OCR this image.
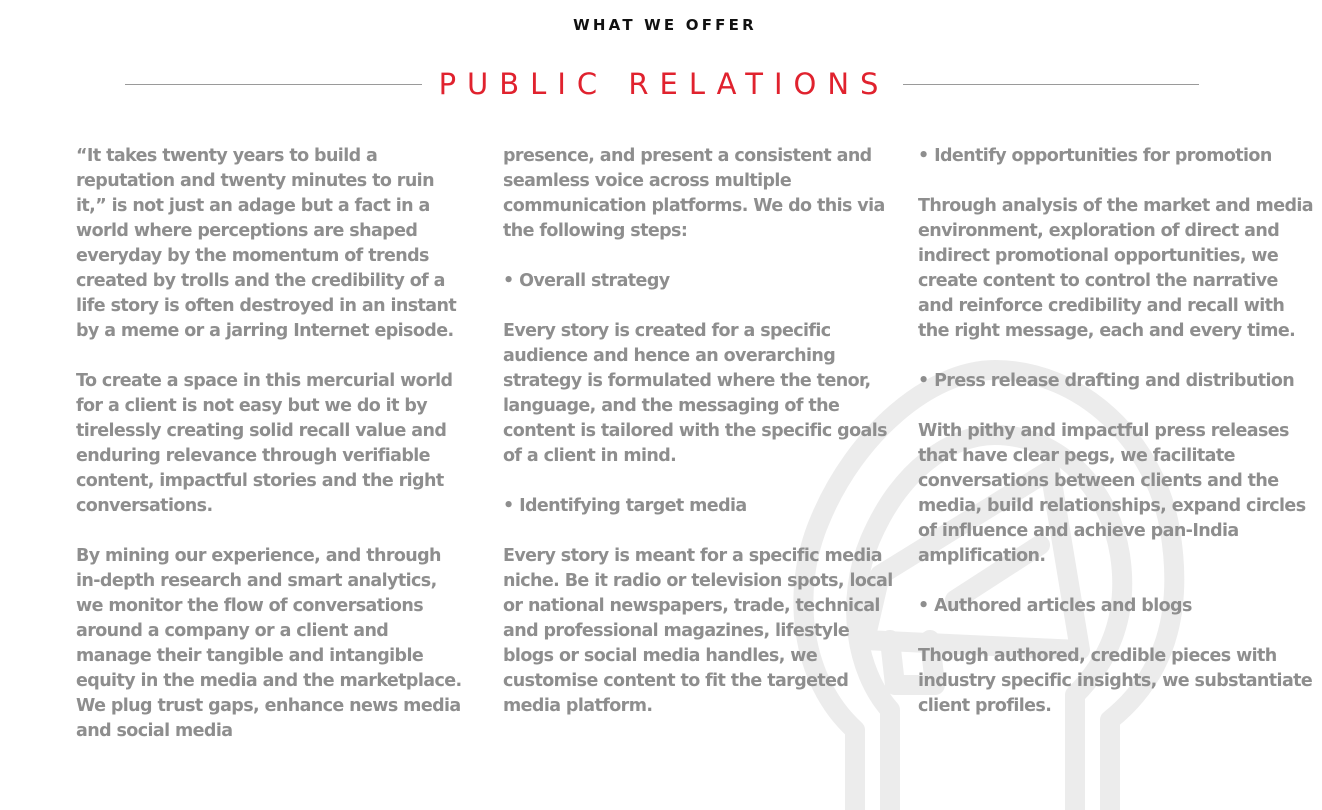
WHAT WE OFFER
PUBLIC RELATIONS

“It takes twenty years to build a reputation and twenty minutes to ruin it,” is not just an adage but a fact in a world where perceptions are shaped everyday by the momentum of trends created by trolls and the credibility of a life story is often destroyed in an instant by a meme or a jarring Internet episode.

To create a space in this mercurial world for a client is not easy but we do it by tirelessly creating solid recall value and enduring relevance through verifiable content, impactful stories and the right conversations.

By mining our experience, and through in-depth research and smart analytics, we monitor the flow of conversations around a company or a client and manage their tangible and intangible equity in the media and the marketplace. We plug trust gaps, enhance news media and social media

presence, and present a consistent and seamless voice across multiple communication platforms. We do this via the following steps:

• Overall strategy

Every story is created for a specific audience and hence an overarching strategy is formulated where the tenor, language, and the messaging of the content is tailored with the specific goals of a client in mind.

• Identifying target media

Every story is meant for a specific media niche. Be it radio or television spots, local or national newspapers, trade, technical and professional magazines, lifestyle blogs or social media handles, we customise content to fit the targeted media platform.

• Identify opportunities for promotion

Through analysis of the market and media environment, exploration of direct and indirect promotional opportunities, we create content to control the narrative and reinforce credibility and recall with the right message, each and every time.

• Press release drafting and distribution

With pithy and impactful press releases that have clear pegs, we facilitate conversations between clients and the media, build relationships, expand circles of influence and achieve pan-India amplification.

• Authored articles and blogs

Though authored, credible pieces with industry specific insights, we substantiate client profiles.
